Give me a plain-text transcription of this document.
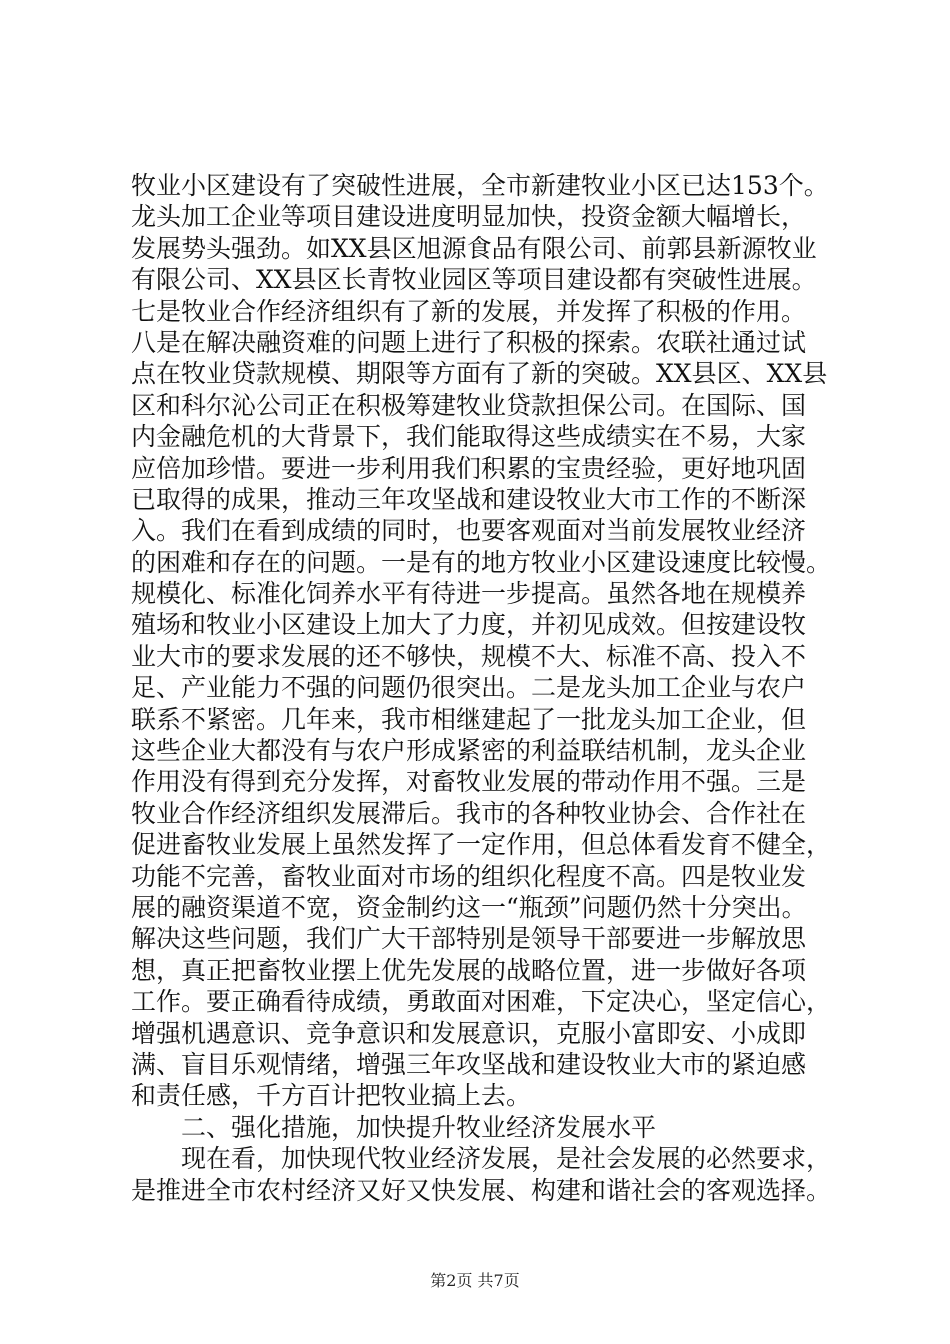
牧业小区建设有了突破性进展，全市新建牧业小区已达153个。
龙头加工企业等项目建设进度明显加快，投资金额大幅增长，
发展势头强劲。如XX县区旭源食品有限公司、前郭县新源牧业
有限公司、XX县区长青牧业园区等项目建设都有突破性进展。
七是牧业合作经济组织有了新的发展，并发挥了积极的作用。
八是在解决融资难的问题上进行了积极的探索。农联社通过试
点在牧业贷款规模、期限等方面有了新的突破。XX县区、XX县
区和科尔沁公司正在积极筹建牧业贷款担保公司。在国际、国
内金融危机的大背景下，我们能取得这些成绩实在不易，大家
应倍加珍惜。要进一步利用我们积累的宝贵经验，更好地巩固
已取得的成果，推动三年攻坚战和建设牧业大市工作的不断深
入。我们在看到成绩的同时，也要客观面对当前发展牧业经济
的困难和存在的问题。一是有的地方牧业小区建设速度比较慢。
规模化、标准化饲养水平有待进一步提高。虽然各地在规模养
殖场和牧业小区建设上加大了力度，并初见成效。但按建设牧
业大市的要求发展的还不够快，规模不大、标准不高、投入不
足、产业能力不强的问题仍很突出。二是龙头加工企业与农户
联系不紧密。几年来，我市相继建起了一批龙头加工企业，但
这些企业大都没有与农户形成紧密的利益联结机制，龙头企业
作用没有得到充分发挥，对畜牧业发展的带动作用不强。三是
牧业合作经济组织发展滞后。我市的各种牧业协会、合作社在
促进畜牧业发展上虽然发挥了一定作用，但总体看发育不健全，
功能不完善，畜牧业面对市场的组织化程度不高。四是牧业发
展的融资渠道不宽，资金制约这一“瓶颈”问题仍然十分突出。
解决这些问题，我们广大干部特别是领导干部要进一步解放思
想，真正把畜牧业摆上优先发展的战略位置，进一步做好各项
工作。要正确看待成绩，勇敢面对困难，下定决心，坚定信心，
增强机遇意识、竞争意识和发展意识，克服小富即安、小成即
满、盲目乐观情绪，增强三年攻坚战和建设牧业大市的紧迫感
和责任感，千方百计把牧业搞上去。
二、强化措施，加快提升牧业经济发展水平
现在看，加快现代牧业经济发展，是社会发展的必然要求，
是推进全市农村经济又好又快发展、构建和谐社会的客观选择。
第2页 共7页
